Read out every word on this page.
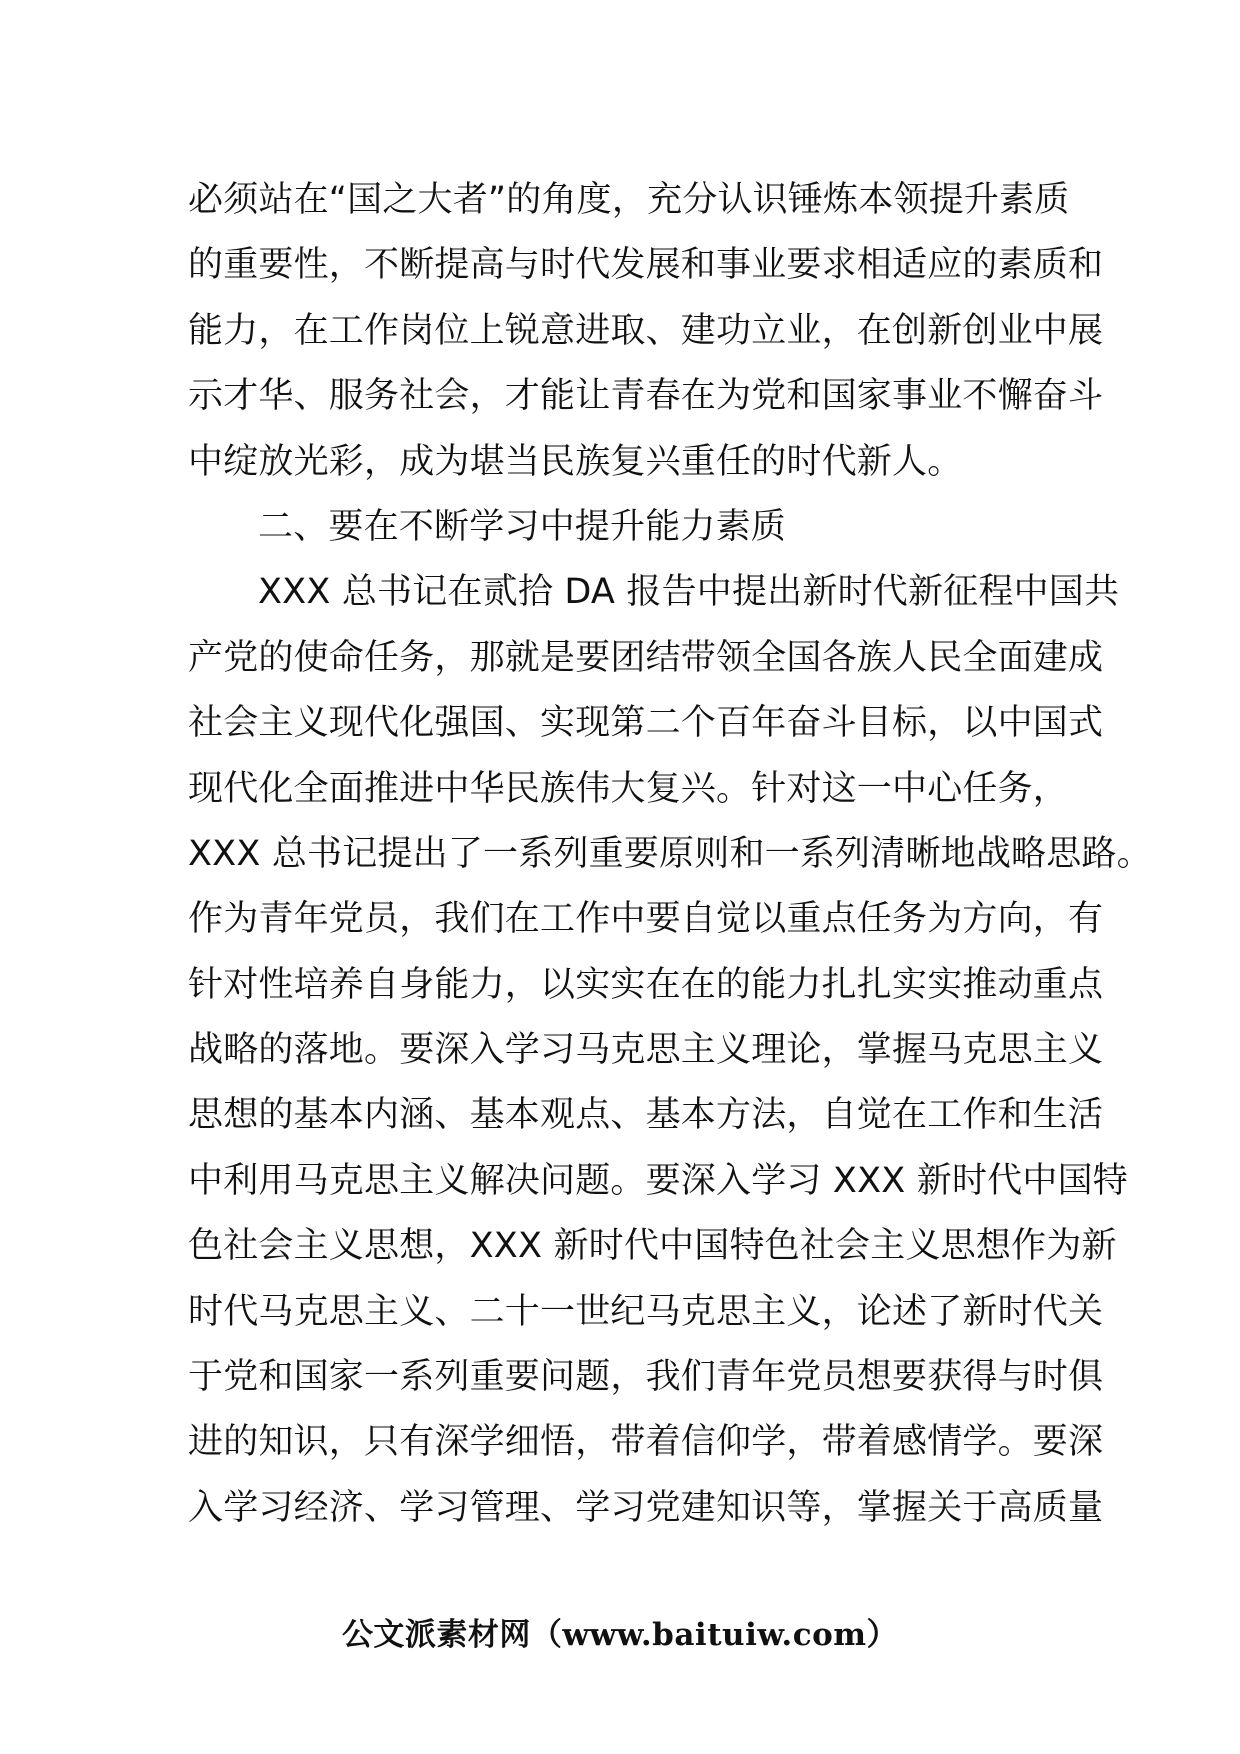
必须站在“国之大者”的角度，充分认识锤炼本领提升素质
的重要性，不断提高与时代发展和事业要求相适应的素质和
能力，在工作岗位上锐意进取、建功立业，在创新创业中展
示才华、服务社会，才能让青春在为党和国家事业不懈奋斗
中绽放光彩，成为堪当民族复兴重任的时代新人。
二、要在不断学习中提升能力素质
XXX 总书记在贰拾 DA 报告中提出新时代新征程中国共
产党的使命任务，那就是要团结带领全国各族人民全面建成
社会主义现代化强国、实现第二个百年奋斗目标，以中国式
现代化全面推进中华民族伟大复兴。针对这一中心任务，
XXX 总书记提出了一系列重要原则和一系列清晰地战略思路。
作为青年党员，我们在工作中要自觉以重点任务为方向，有
针对性培养自身能力，以实实在在的能力扎扎实实推动重点
战略的落地。要深入学习马克思主义理论，掌握马克思主义
思想的基本内涵、基本观点、基本方法，自觉在工作和生活
中利用马克思主义解决问题。要深入学习 XXX 新时代中国特
色社会主义思想，XXX 新时代中国特色社会主义思想作为新
时代马克思主义、二十一世纪马克思主义，论述了新时代关
于党和国家一系列重要问题，我们青年党员想要获得与时俱
进的知识，只有深学细悟，带着信仰学，带着感情学。要深
入学习经济、学习管理、学习党建知识等，掌握关于高质量
公文派素材网（www.baituiw.com）
